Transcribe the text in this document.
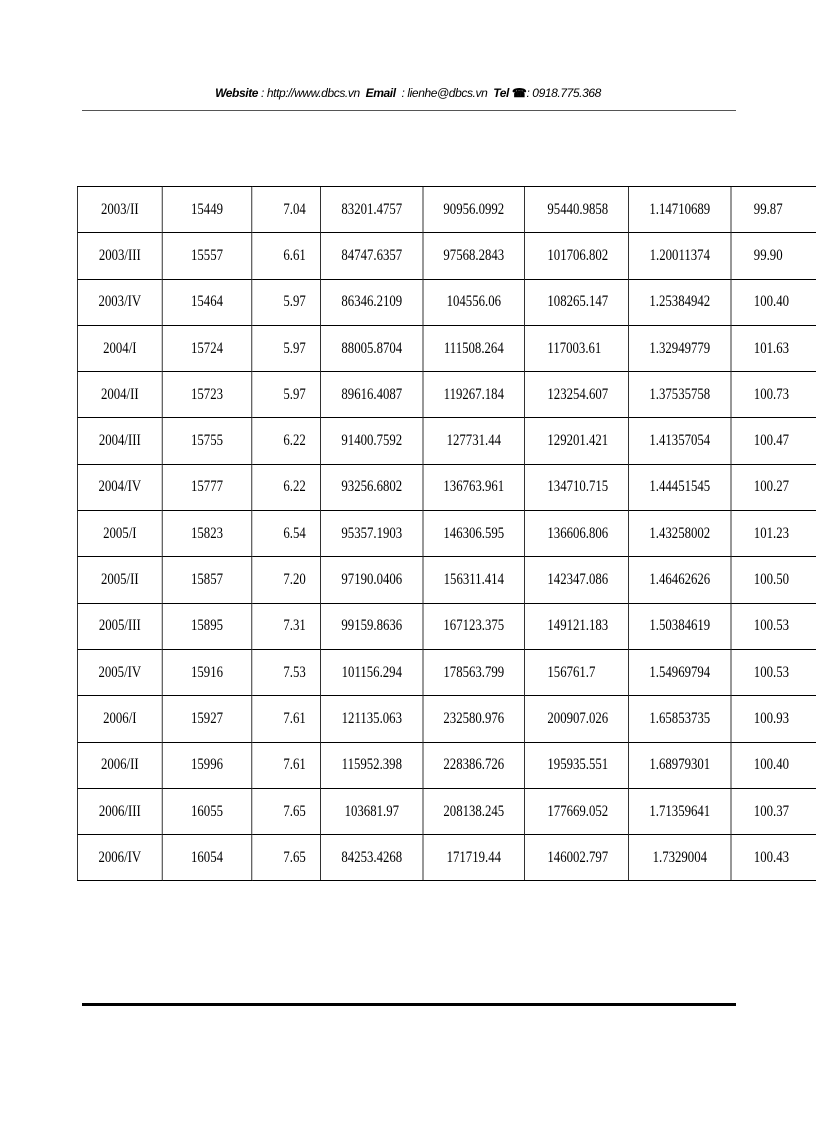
Website : http://www.dbcs.vn Email : lienhe@dbcs.vn Tel ☎: 0918.775.368
2003/II	15449	7.04	83201.4757	90956.0992	95440.9858	1.14710689	99.87
2003/III	15557	6.61	84747.6357	97568.2843	101706.802	1.20011374	99.90
2003/IV	15464	5.97	86346.2109	104556.06	108265.147	1.25384942	100.40
2004/I	15724	5.97	88005.8704	111508.264	117003.61	1.32949779	101.63
2004/II	15723	5.97	89616.4087	119267.184	123254.607	1.37535758	100.73
2004/III	15755	6.22	91400.7592	127731.44	129201.421	1.41357054	100.47
2004/IV	15777	6.22	93256.6802	136763.961	134710.715	1.44451545	100.27
2005/I	15823	6.54	95357.1903	146306.595	136606.806	1.43258002	101.23
2005/II	15857	7.20	97190.0406	156311.414	142347.086	1.46462626	100.50
2005/III	15895	7.31	99159.8636	167123.375	149121.183	1.50384619	100.53
2005/IV	15916	7.53	101156.294	178563.799	156761.7	1.54969794	100.53
2006/I	15927	7.61	121135.063	232580.976	200907.026	1.65853735	100.93
2006/II	15996	7.61	115952.398	228386.726	195935.551	1.68979301	100.40
2006/III	16055	7.65	103681.97	208138.245	177669.052	1.71359641	100.37
2006/IV	16054	7.65	84253.4268	171719.44	146002.797	1.7329004	100.43
